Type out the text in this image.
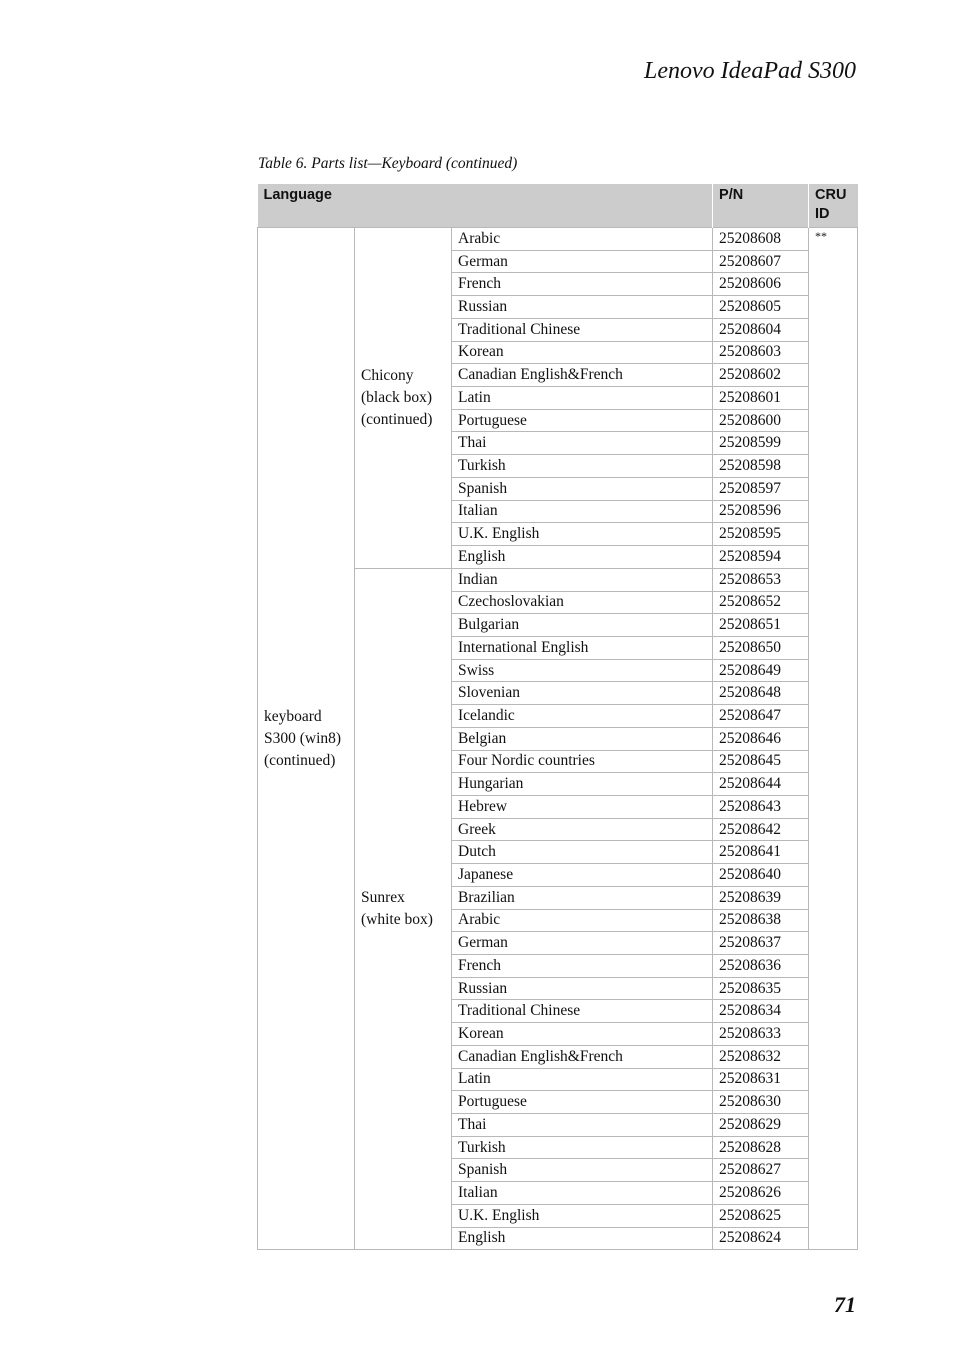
Lenovo IdeaPad S300
Table 6. Parts list—Keyboard (continued)
Language			P/N	CRU ID
keyboard S300 (win8) (continued)	Chicony (black box) (continued)	Arabic	25208608	**
		German	25208607	
		French	25208606	
		Russian	25208605	
		Traditional Chinese	25208604	
		Korean	25208603	
		Canadian English&French	25208602	
		Latin	25208601	
		Portuguese	25208600	
		Thai	25208599	
		Turkish	25208598	
		Spanish	25208597	
		Italian	25208596	
		U.K. English	25208595	
		English	25208594	
	Sunrex (white box)	Indian	25208653	
		Czechoslovakian	25208652	
		Bulgarian	25208651	
		International English	25208650	
		Swiss	25208649	
		Slovenian	25208648	
		Icelandic	25208647	
		Belgian	25208646	
		Four Nordic countries	25208645	
		Hungarian	25208644	
		Hebrew	25208643	
		Greek	25208642	
		Dutch	25208641	
		Japanese	25208640	
		Brazilian	25208639	
		Arabic	25208638	
		German	25208637	
		French	25208636	
		Russian	25208635	
		Traditional Chinese	25208634	
		Korean	25208633	
		Canadian English&French	25208632	
		Latin	25208631	
		Portuguese	25208630	
		Thai	25208629	
		Turkish	25208628	
		Spanish	25208627	
		Italian	25208626	
		U.K. English	25208625	
		English	25208624	
71
